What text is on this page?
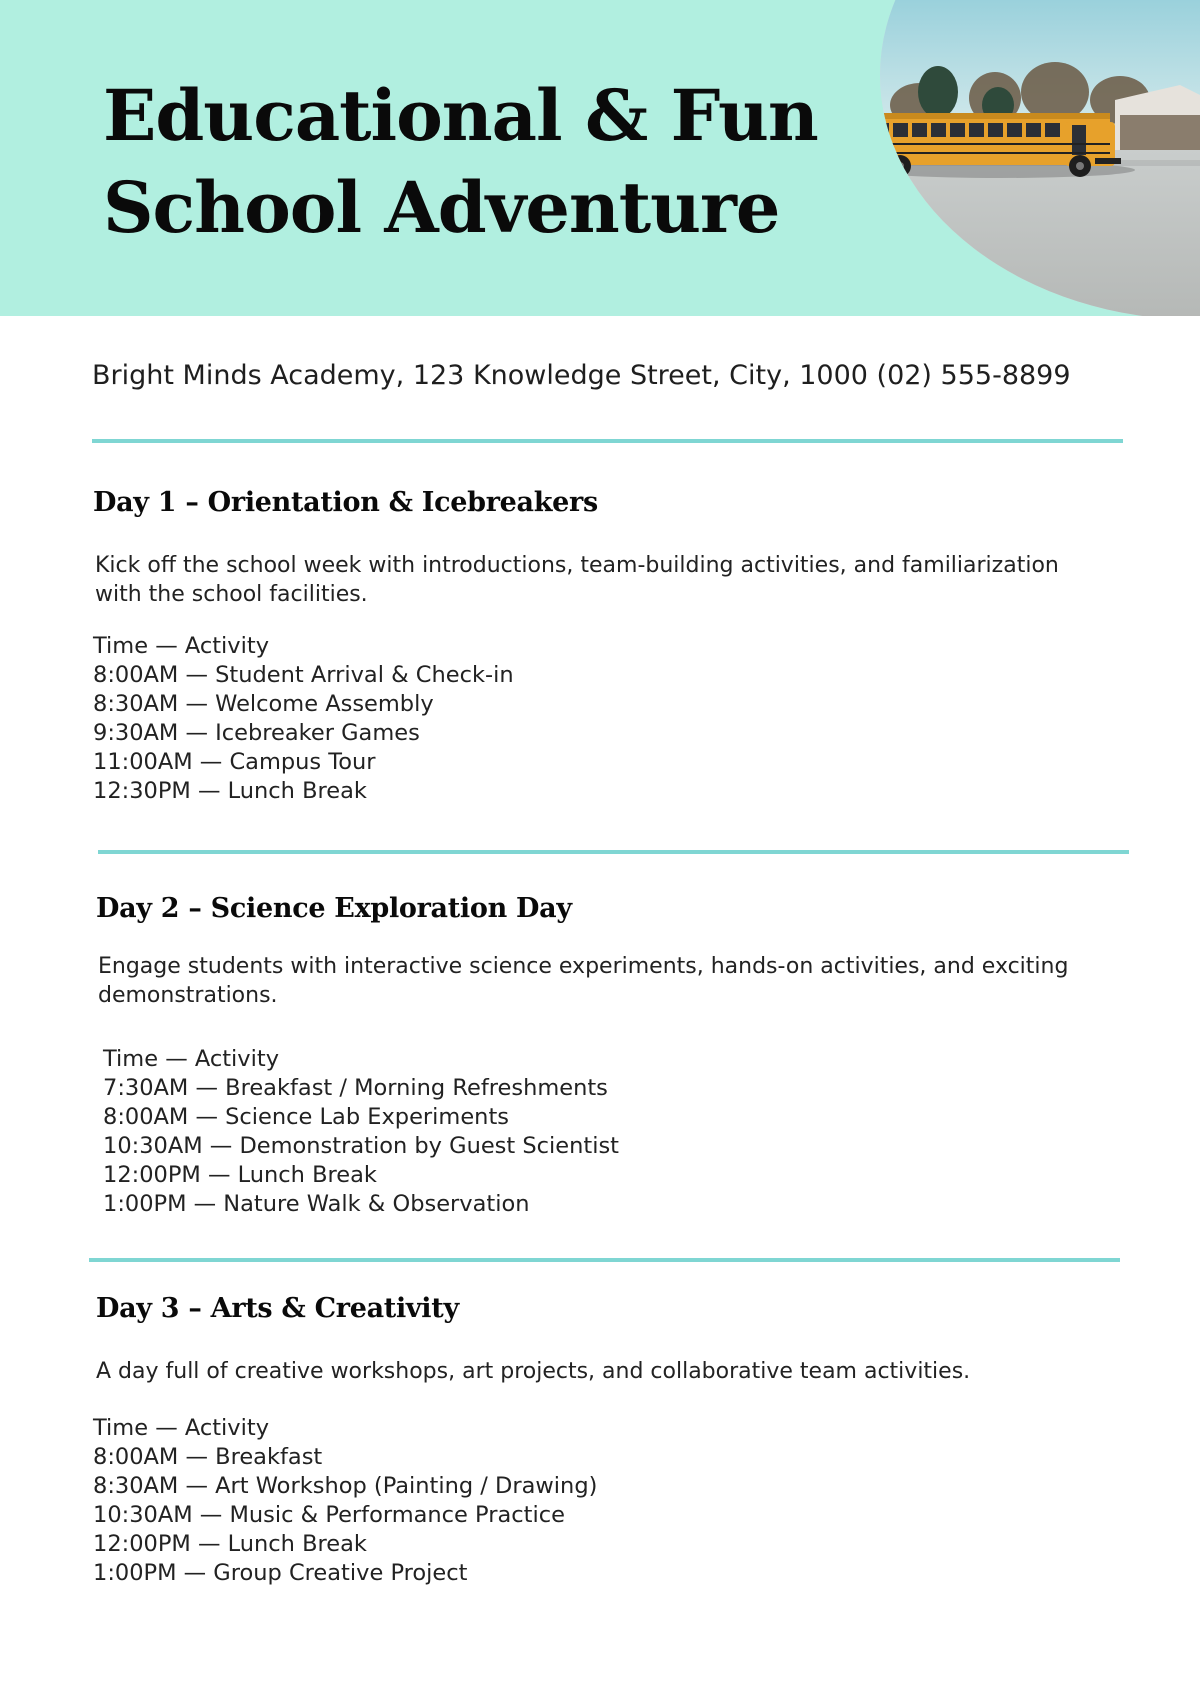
Educational & Fun
School Adventure
Bright Minds Academy, 123 Knowledge Street, City, 1000 (02) 555-8899
Day 1 – Orientation & Icebreakers

Kick off the school week with introductions, team-building activities, and familiarization with the school facilities.

Time — Activity
8:00AM — Student Arrival & Check-in
8:30AM — Welcome Assembly
9:30AM — Icebreaker Games
11:00AM — Campus Tour
12:30PM — Lunch Break
Day 2 – Science Exploration Day

Engage students with interactive science experiments, hands-on activities, and exciting demonstrations.

Time — Activity
7:30AM — Breakfast / Morning Refreshments
8:00AM — Science Lab Experiments
10:30AM — Demonstration by Guest Scientist
12:00PM — Lunch Break
1:00PM — Nature Walk & Observation
Day 3 – Arts & Creativity

A day full of creative workshops, art projects, and collaborative team activities.

Time — Activity
8:00AM — Breakfast
8:30AM — Art Workshop (Painting / Drawing)
10:30AM — Music & Performance Practice
12:00PM — Lunch Break
1:00PM — Group Creative Project
